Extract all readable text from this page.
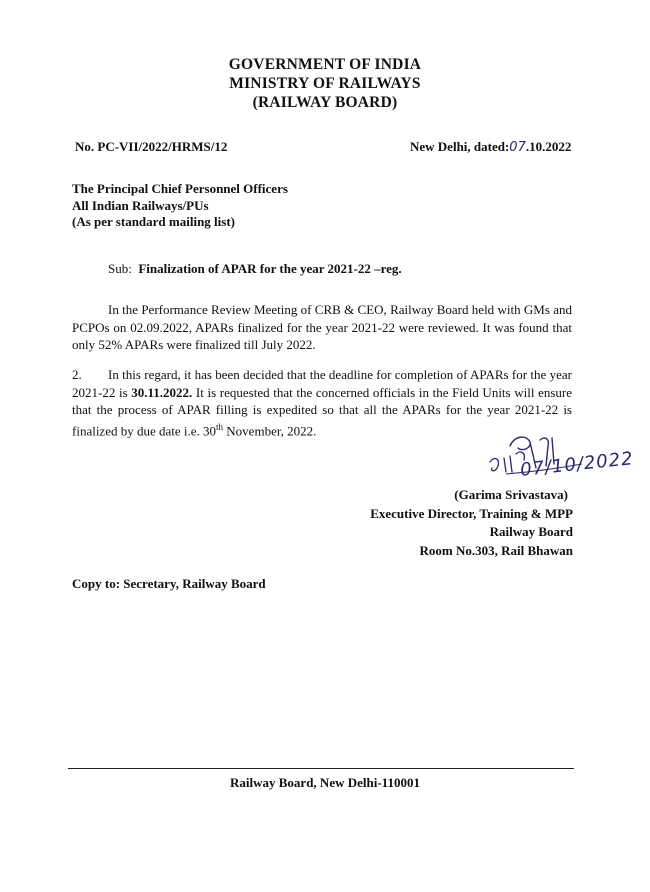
GOVERNMENT OF INDIA
MINISTRY OF RAILWAYS
(RAILWAY BOARD)
No. PC-VII/2022/HRMS/12	New Delhi, dated:07.10.2022
The Principal Chief Personnel Officers
All Indian Railways/PUs
(As per standard mailing list)
Sub: Finalization of APAR for the year 2021-22 –reg.
In the Performance Review Meeting of CRB & CEO, Railway Board held with GMs and PCPOs on 02.09.2022, APARs finalized for the year 2021-22 were reviewed. It was found that only 52% APARs were finalized till July 2022.
2. In this regard, it has been decided that the deadline for completion of APARs for the year 2021-22 is 30.11.2022. It is requested that the concerned officials in the Field Units will ensure that the process of APAR filling is expedited so that all the APARs for the year 2021-22 is finalized by due date i.e. 30th November, 2022.
07/10/2022
(Garima Srivastava)
Executive Director, Training & MPP
Railway Board
Room No.303, Rail Bhawan
Copy to: Secretary, Railway Board
Railway Board, New Delhi-110001
